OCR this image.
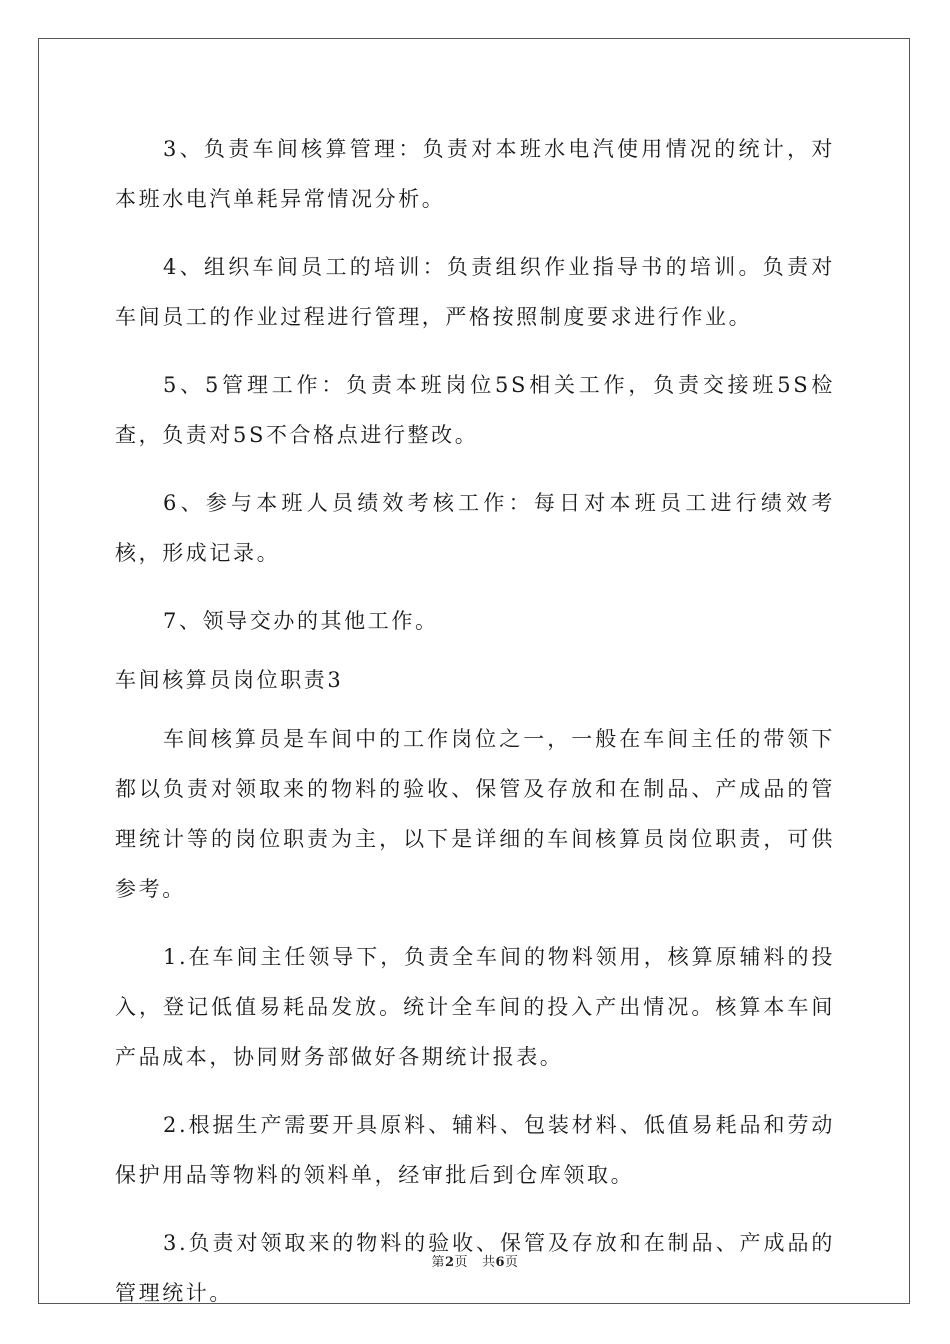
3、负责车间核算管理：负责对本班水电汽使用情况的统计，对本班水电汽单耗异常情况分析。

4、组织车间员工的培训：负责组织作业指导书的培训。负责对车间员工的作业过程进行管理，严格按照制度要求进行作业。

5、5管理工作：负责本班岗位5S相关工作，负责交接班5S检查，负责对5S不合格点进行整改。

6、参与本班人员绩效考核工作：每日对本班员工进行绩效考核，形成记录。

7、领导交办的其他工作。

车间核算员岗位职责3

车间核算员是车间中的工作岗位之一，一般在车间主任的带领下都以负责对领取来的物料的验收、保管及存放和在制品、产成品的管理统计等的岗位职责为主，以下是详细的车间核算员岗位职责，可供参考。

1.在车间主任领导下，负责全车间的物料领用，核算原辅料的投入，登记低值易耗品发放。统计全车间的投入产出情况。核算本车间产品成本，协同财务部做好各期统计报表。

2.根据生产需要开具原料、辅料、包装材料、低值易耗品和劳动保护用品等物料的领料单，经审批后到仓库领取。

3.负责对领取来的物料的验收、保管及存放和在制品、产成品的管理统计。

第2页 共6页
